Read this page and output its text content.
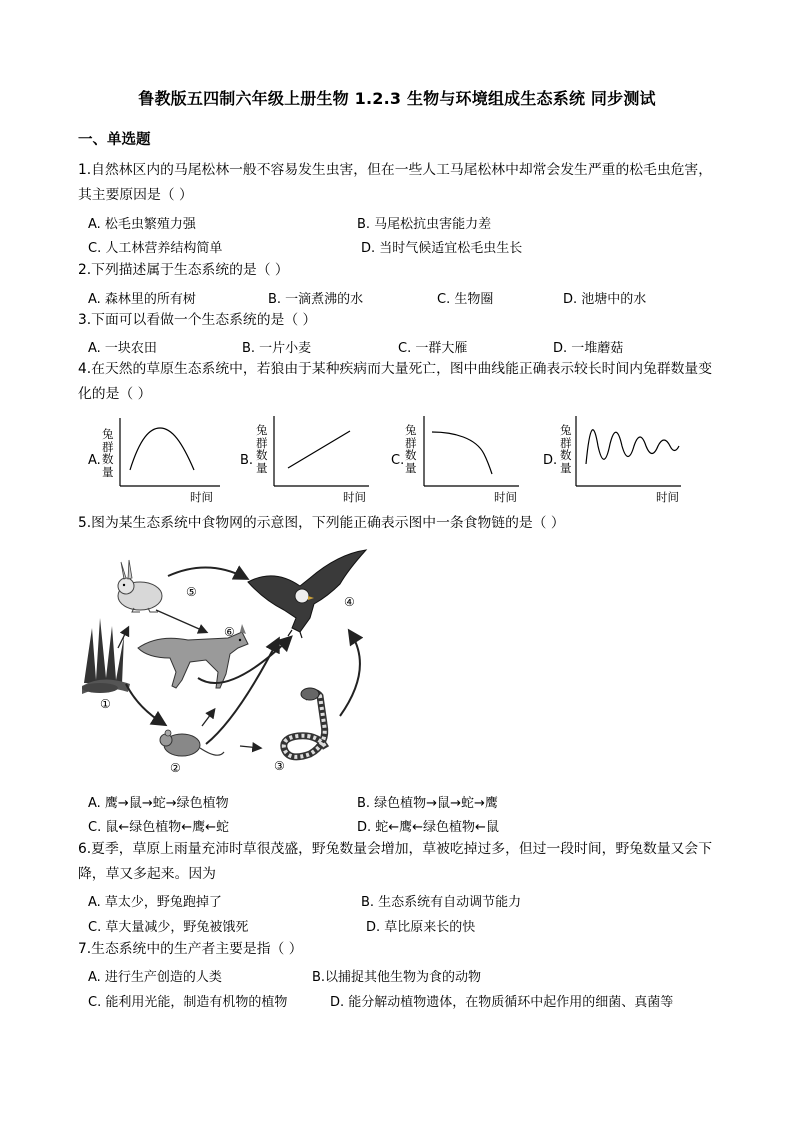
鲁教版五四制六年级上册生物 1.2.3 生物与环境组成生态系统 同步测试
一、单选题
1.自然林区内的马尾松林一般不容易发生虫害，但在一些人工马尾松林中却常会发生严重的松毛虫危害，
其主要原因是（ ）
A. 松毛虫繁殖力强	B. 马尾松抗虫害能力差
C. 人工林营养结构简单	D. 当时气候适宜松毛虫生长
2.下列描述属于生态系统的是（ ）
A. 森林里的所有树	B. 一滴煮沸的水	C. 生物圈	D. 池塘中的水
3.下面可以看做一个生态系统的是（ ）
A. 一块农田	B. 一片小麦	C. 一群大雁	D. 一堆蘑菇
4.在天然的草原生态系统中，若狼由于某种疾病而大量死亡，图中曲线能正确表示较长时间内兔群数量变
化的是（ ）
A.
兔群数量
时间
B.
兔群数量
时间
C.
兔群数量
时间
D.
兔群数量
时间
5.图为某生态系统中食物网的示意图，下列能正确表示图中一条食物链的是（ ）
①
②	③
④
⑤
⑥
A. 鹰→鼠→蛇→绿色植物	B. 绿色植物→鼠→蛇→鹰
C. 鼠←绿色植物←鹰←蛇	D. 蛇←鹰←绿色植物←鼠
6.夏季，草原上雨量充沛时草很茂盛，野兔数量会增加，草被吃掉过多，但过一段时间，野兔数量又会下
降，草又多起来。因为
A. 草太少，野兔跑掉了	B. 生态系统有自动调节能力
C. 草大量减少，野兔被饿死	D. 草比原来长的快
7.生态系统中的生产者主要是指（ ）
A. 进行生产创造的人类	B.以捕捉其他生物为食的动物
C. 能利用光能，制造有机物的植物	D. 能分解动植物遗体，在物质循环中起作用的细菌、真菌等
